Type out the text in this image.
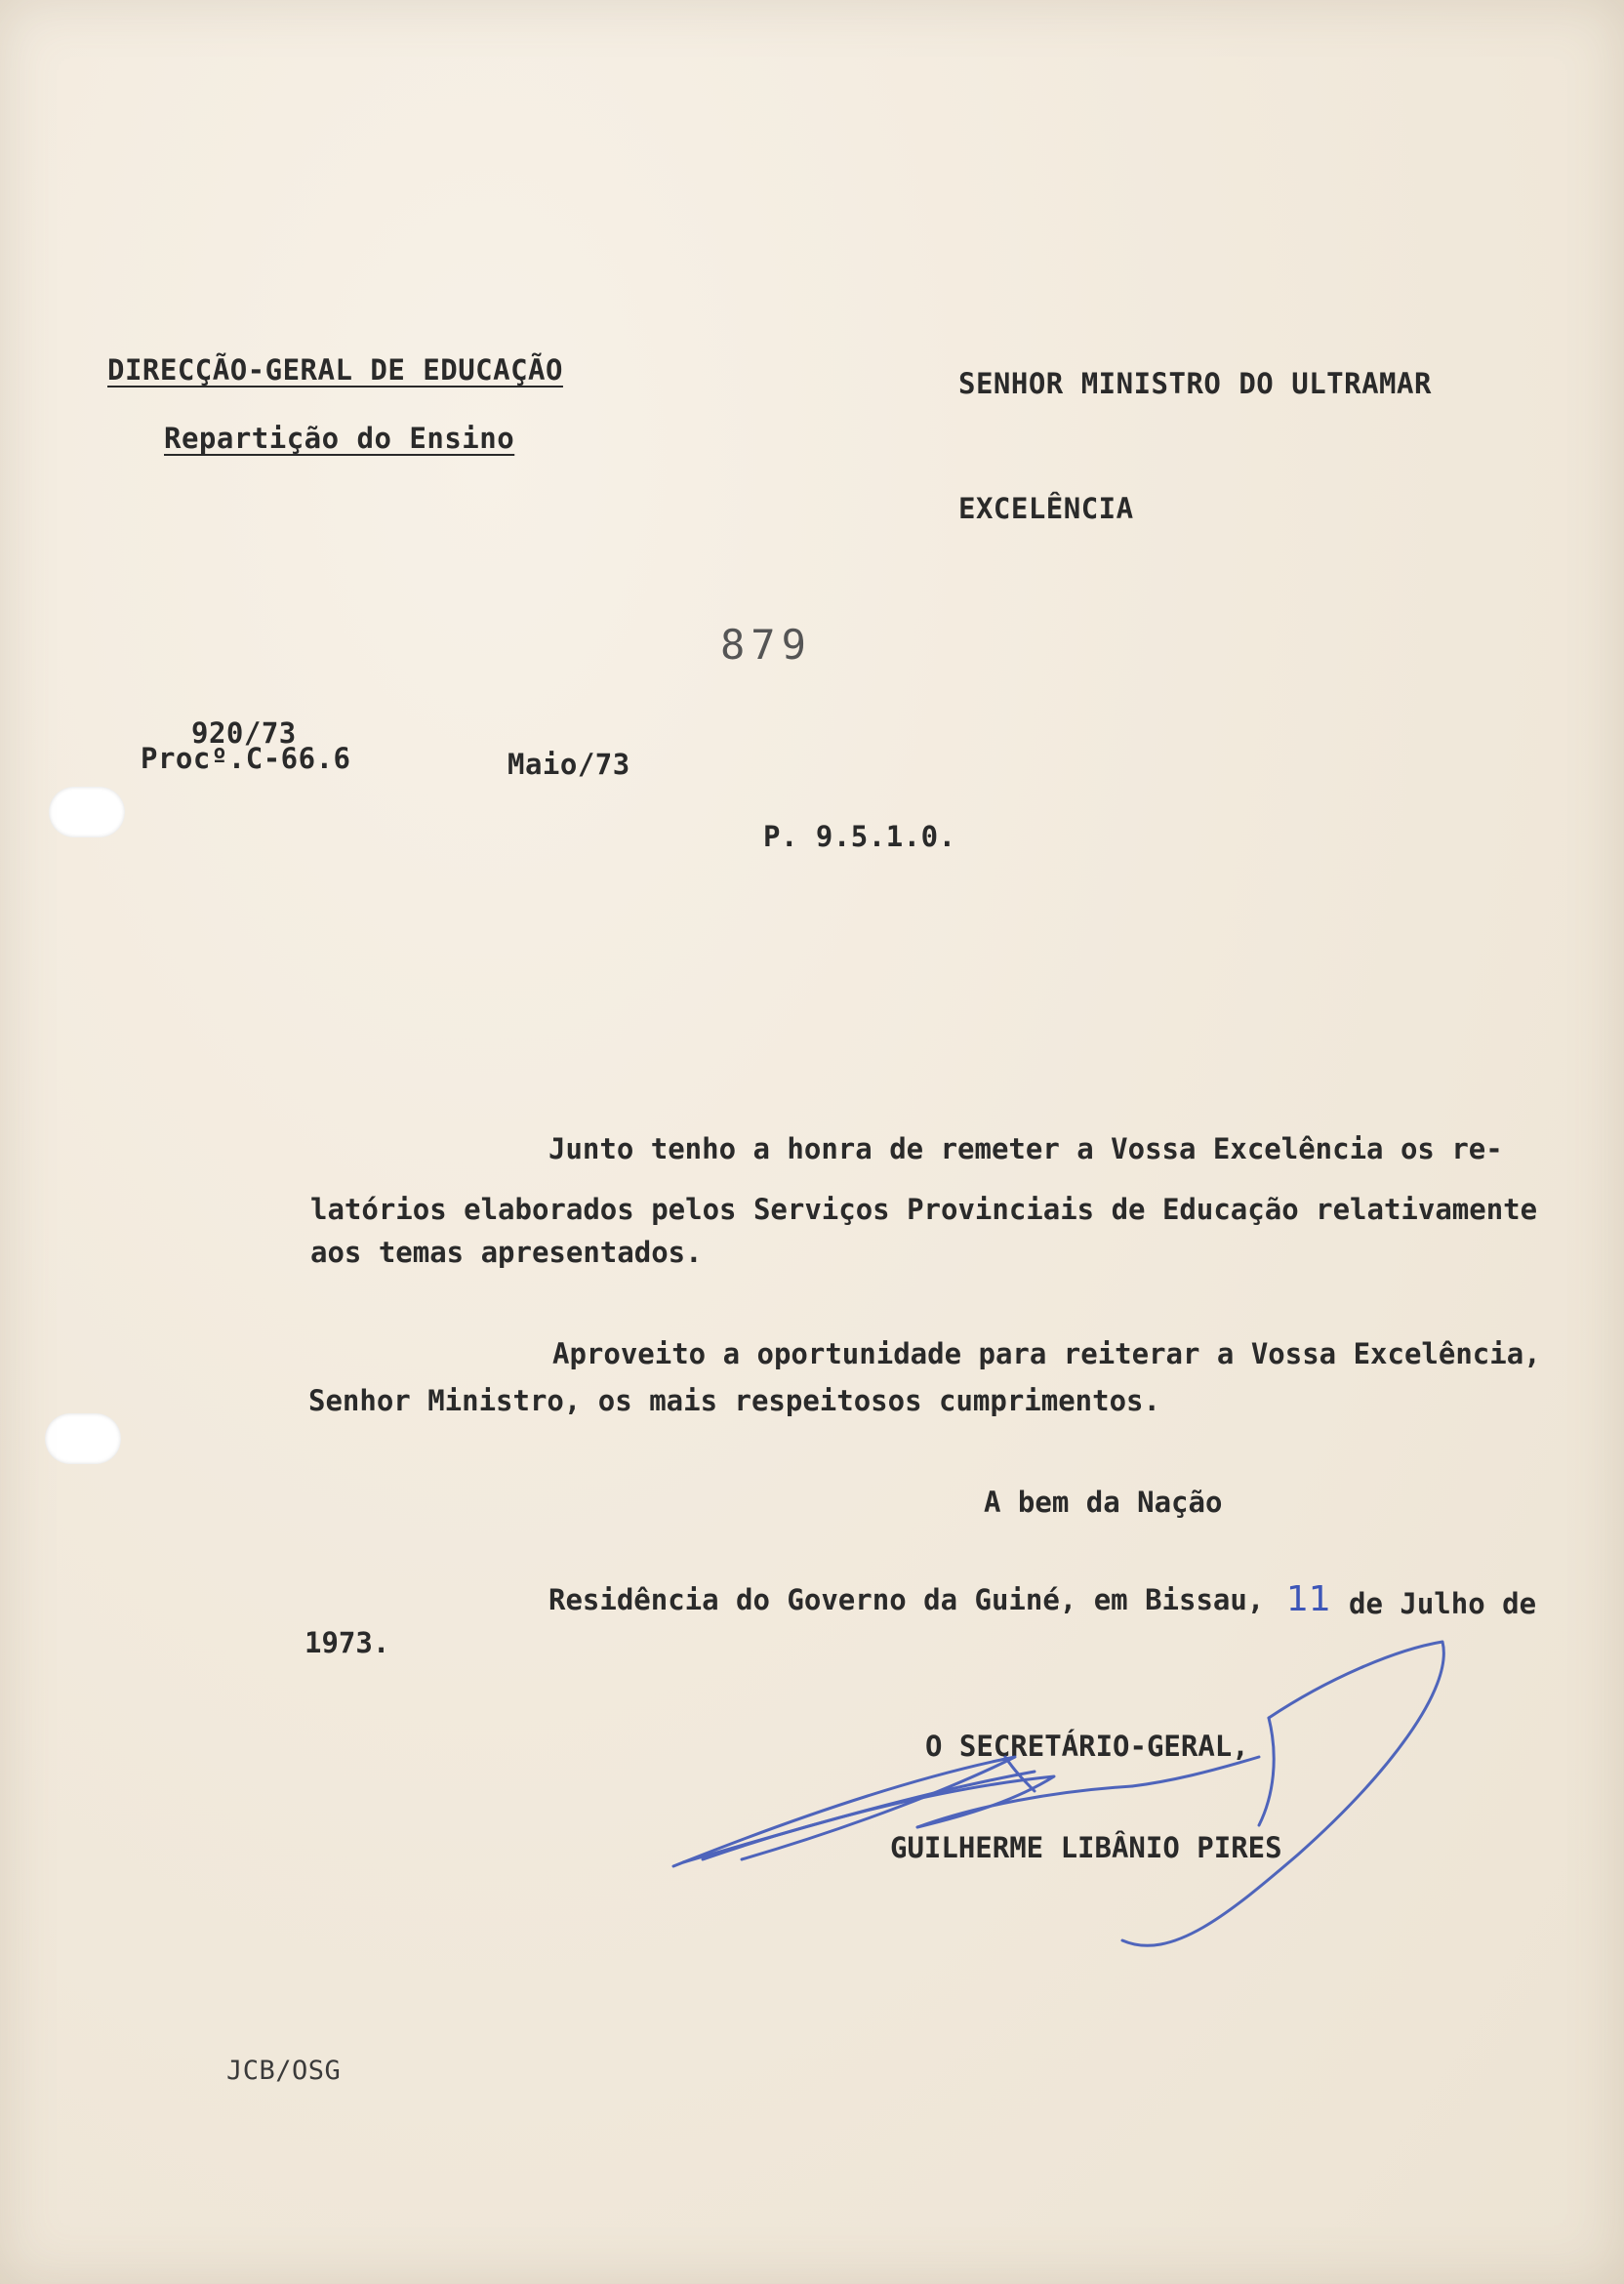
DIRECÇÃO-GERAL DE EDUCAÇÃO
Repartição do Ensino
SENHOR MINISTRO DO ULTRAMAR
EXCELÊNCIA
879
920/73
Procº.C-66.6	Maio/73
P. 9.5.1.0.
Junto tenho a honra de remeter a Vossa Excelência os re-
latórios elaborados pelos Serviços Provinciais de Educação relativamente
aos temas apresentados.
Aproveito a oportunidade para reiterar a Vossa Excelência,
Senhor Ministro, os mais respeitosos cumprimentos.
A bem da Nação
Residência do Governo da Guiné, em Bissau, 11 de Julho de
1973.
O SECRETÁRIO-GERAL,
GUILHERME LIBÂNIO PIRES
JCB/OSG
